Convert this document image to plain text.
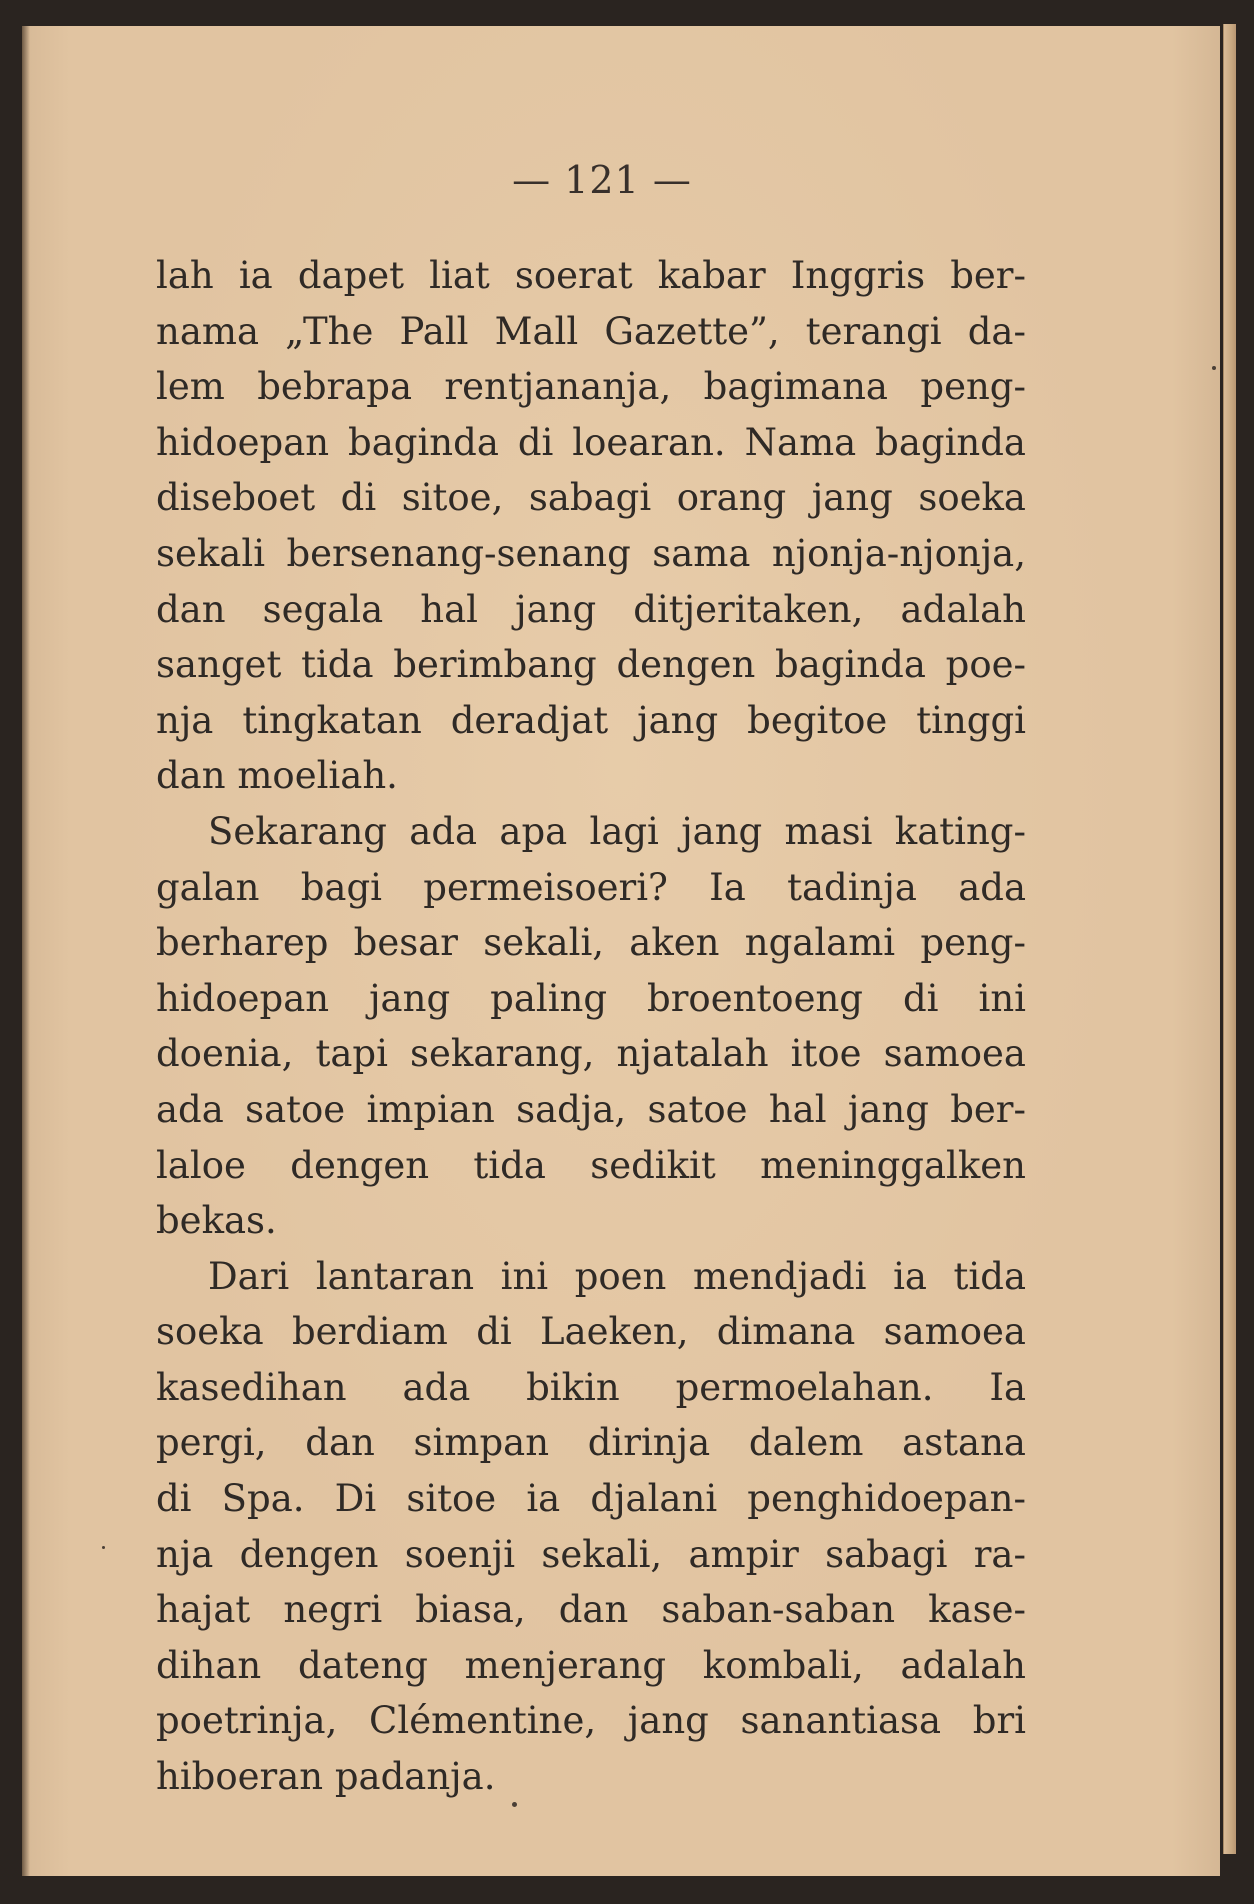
— 121 —
lah ia dapet liat soerat kabar Inggris ber-
nama „The Pall Mall Gazette”, terangi da-
lem bebrapa rentjananja, bagimana peng-
hidoepan baginda di loearan. Nama baginda
diseboet di sitoe, sabagi orang jang soeka
sekali bersenang-senang sama njonja-njonja,
dan segala hal jang ditjeritaken, adalah
sanget tida berimbang dengen baginda poe-
nja tingkatan deradjat jang begitoe tinggi
dan moeliah.
Sekarang ada apa lagi jang masi kating-
galan bagi permeisoeri? Ia tadinja ada
berharep besar sekali, aken ngalami peng-
hidoepan jang paling broentoeng di ini
doenia, tapi sekarang, njatalah itoe samoea
ada satoe impian sadja, satoe hal jang ber-
laloe dengen tida sedikit meninggalken
bekas.
Dari lantaran ini poen mendjadi ia tida
soeka berdiam di Laeken, dimana samoea
kasedihan ada bikin permoelahan. Ia
pergi, dan simpan dirinja dalem astana
di Spa. Di sitoe ia djalani penghidoepan-
nja dengen soenji sekali, ampir sabagi ra-
hajat negri biasa, dan saban-saban kase-
dihan dateng menjerang kombali, adalah
poetrinja, Clémentine, jang sanantiasa bri
hiboeran padanja.
